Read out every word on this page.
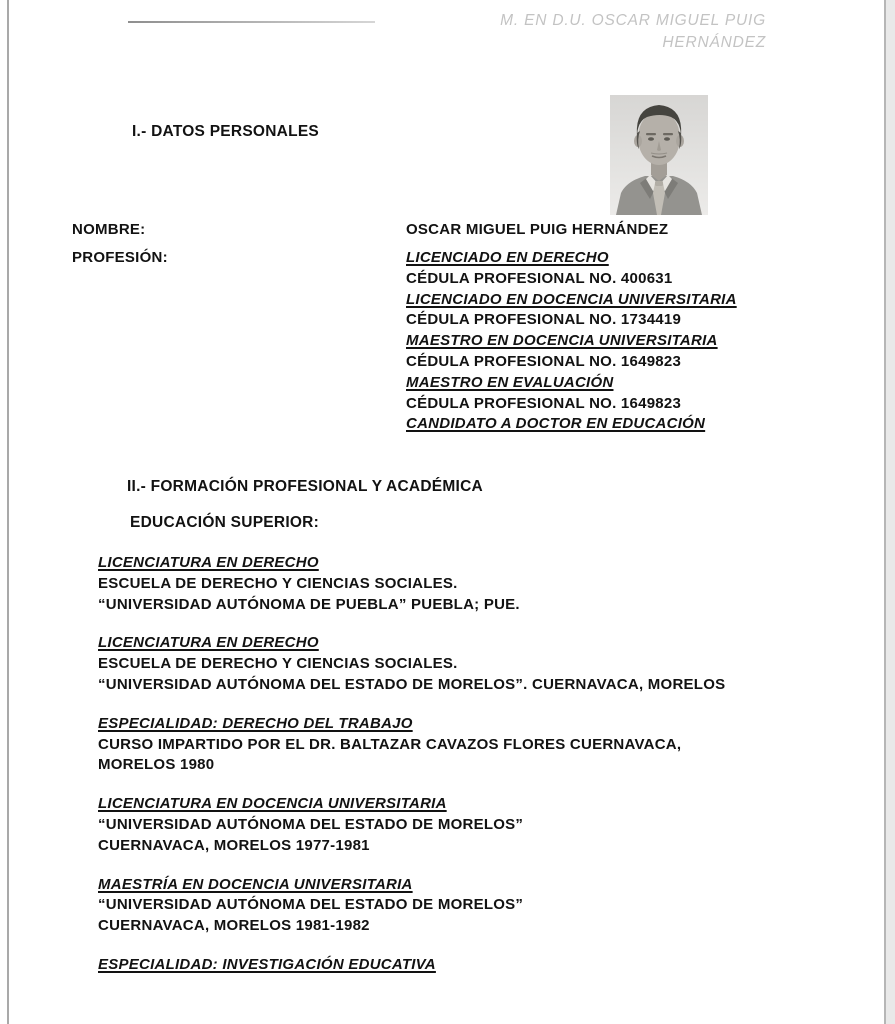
M. EN D.U. OSCAR MIGUEL PUIG
HERNÁNDEZ
I.- DATOS PERSONALES
NOMBRE:	OSCAR MIGUEL PUIG HERNÁNDEZ
PROFESIÓN:	LICENCIADO EN DERECHO
CÉDULA PROFESIONAL NO. 400631
LICENCIADO EN DOCENCIA UNIVERSITARIA
CÉDULA PROFESIONAL NO. 1734419
MAESTRO EN DOCENCIA UNIVERSITARIA
CÉDULA PROFESIONAL NO. 1649823
MAESTRO EN EVALUACIÓN
CÉDULA PROFESIONAL NO. 1649823
CANDIDATO A DOCTOR EN EDUCACIÓN
II.- FORMACIÓN PROFESIONAL Y ACADÉMICA
EDUCACIÓN SUPERIOR:
LICENCIATURA EN DERECHO
ESCUELA DE DERECHO Y CIENCIAS SOCIALES.
“UNIVERSIDAD AUTÓNOMA DE PUEBLA” PUEBLA; PUE.
LICENCIATURA EN DERECHO
ESCUELA DE DERECHO Y CIENCIAS SOCIALES.
“UNIVERSIDAD AUTÓNOMA DEL ESTADO DE MORELOS”. CUERNAVACA, MORELOS
ESPECIALIDAD: DERECHO DEL TRABAJO
CURSO IMPARTIDO POR EL DR. BALTAZAR CAVAZOS FLORES CUERNAVACA,
MORELOS 1980
LICENCIATURA EN DOCENCIA UNIVERSITARIA
“UNIVERSIDAD AUTÓNOMA DEL ESTADO DE MORELOS”
CUERNAVACA, MORELOS 1977-1981
MAESTRÍA EN DOCENCIA UNIVERSITARIA
“UNIVERSIDAD AUTÓNOMA DEL ESTADO DE MORELOS”
CUERNAVACA, MORELOS 1981-1982
ESPECIALIDAD: INVESTIGACIÓN EDUCATIVA
